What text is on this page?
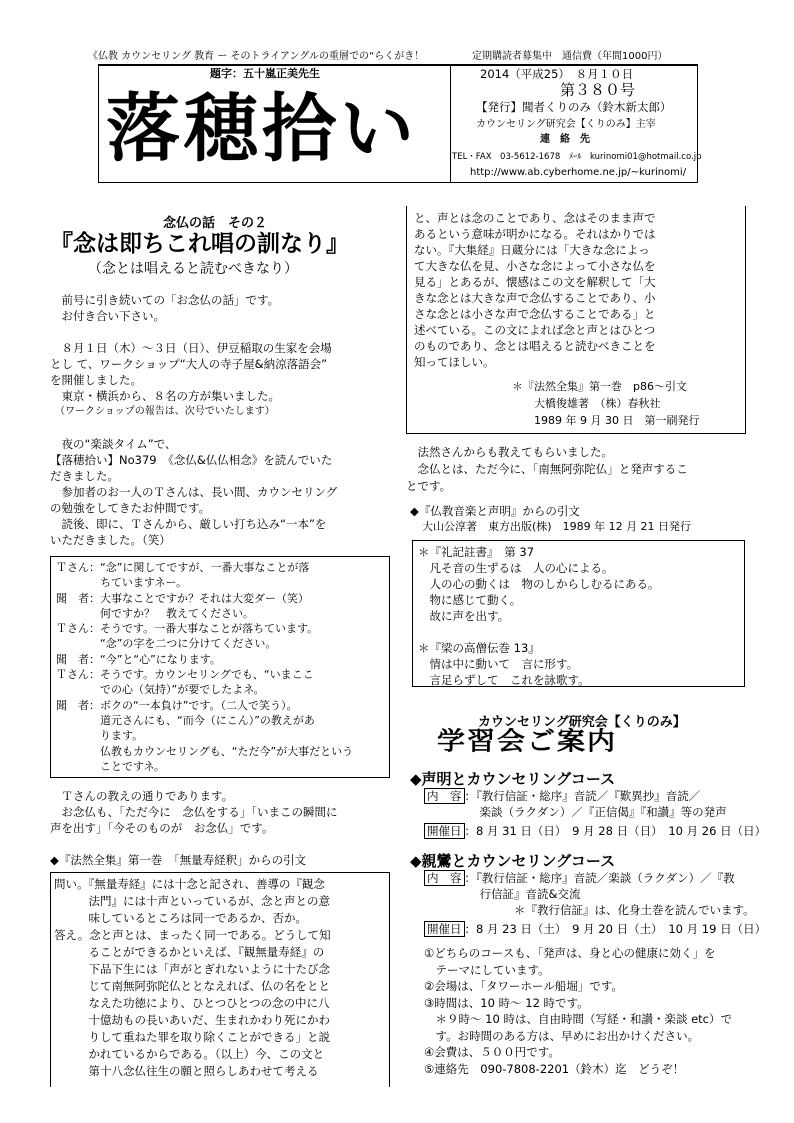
《仏教 カウンセリング 教育 ー そのトライアングルの重層での“らくがき！	定期購読者募集中　通信費（年間1000円）
題字：五十嵐正美先生
落穂拾い
2014（平成25）　８月１０日
第３８０号
【発行】聞者くりのみ（鈴木新太郎）
カウンセリング研究会【くりのみ】主宰
連　絡　先
TEL・FAX　03-5612-1678　ﾒｰﾙ　kurinomi01@hotmail.co.jp
http://www.ab.cyberhome.ne.jp/~kurinomi/
念仏の話　その２
『念は即ちこれ唱の訓なり』
（念とは唱えると読むべきなり）
　前号に引き続いての「お念仏の話」です。
　お付き合い下さい。

　８月１日（木）～３日（日）、伊豆稲取の生家を会場
とし て、ワークショップ“大人の寺子屋&納涼落語会”
を開催しました。
　東京・横浜から、８名の方が集いました。
　（ワークショップの報告は、次号でいたします）

　夜の“楽談タイム”で、
【落穂拾い】No379　《念仏&仏仏相念》を読んでいた
だきました。
　参加者のお一人のＴさんは、長い間、カウンセリング
の勉強をしてきたお仲間です。
　読後、即に、Ｔさんから、厳しい打ち込み“一本”を
いただきました。（笑）
Ｔさん：“念”に関してですが、一番大事なことが落
　　　　ちていますネー。
聞　者：大事なことですか？それは大変ダー（笑）
　　　　何ですか？　教えてください。
Ｔさん：そうです。一番大事なことが落ちています。
　　　　“念”の字を二つに分けてください。
聞　者：“今”と“心”になります。
Ｔさん：そうです。カウンセリングでも、“いまここ
　　　　での心（気持）”が要でしたよネ。
聞　者：ボクの“一本負け”です。（二人で笑う）。
　　　　道元さんにも、“而今（にこん）”の教えがあ
　　　　ります。
　　　　仏教もカウンセリングも、“ただ今”が大事だという
　　　　ことですネ。
　Ｔさんの教えの通りであります。
　お念仏も、「ただ今に　念仏をする」「いまこの瞬間に
声を出す」「今そのものが　お念仏」です。
◆『法然全集』第一巻　「無量寿経釈」からの引文
問い。『無量寿経』には十念と記され、善導の『観念
　　　法門』には十声といっているが、念と声との意
　　　味しているところは同一であるか、否か。
答え。念と声とは、まったく同一である。どうして知
　　　ることができるかといえば、『観無量寿経』の
　　　下品下生には「声がとぎれないように十たび念
　　　じて南無阿弥陀仏ととなえれば、仏の名をとと
　　　なえた功徳により、ひとつひとつの念の中に八
　　　十億劫もの長いあいだ、生まれかわり死にかわ
　　　りして重ねた罪を取り除くことができる」と説
　　　かれているからである。（以上）今、この文と
　　　第十八念仏往生の願と照らしあわせて考える
と、声とは念のことであり、念はそのまま声で
あるという意味が明かになる。それはかりでは
ない。『大集経』日蔵分には「大きな念によっ
て大きな仏を見、小さな念によって小さな仏を
見る」とあるが、懐感はこの文を解釈して「大
きな念とは大きな声で念仏することであり、小
さな念とは小さな声で念仏することである」と
述べている。この文によれば念と声とはひとつ
のものであり、念とは唱えると読むべきことを
知ってほしい。
＊『法然全集』第一巻　p86～引文
大橋俊雄著　（株）春秋社
1989 年 9 月 30 日　第一刷発行
　法然さんからも教えてもらいました。
　念仏とは、ただ今に、「南無阿弥陀仏」と発声するこ
とです。
◆『仏教音楽と声明』からの引文
大山公淳著　東方出版(株)　1989 年 12 月 21 日発行
＊『礼記註書』　第 37
　凡そ音の生ずるは　人の心による。
　人の心の動くは　物のしからしむるにある。
　物に感じて動く。
　故に声を出す。

＊『梁の高僧伝巻 13』
　情は中に動いて　言に形す。
　言足らずして　これを詠歌す。
カウンセリング研究会【くりのみ】
学習会ご案内
◆声明とカウンセリングコース
内　容 ：『教行信証・総序』音読／『歎異抄』音読／
　楽談（ラクダン）／『正信偈』『和讃』等の発声
開催日 ：8 月 31 日（日）　9 月 28 日（日）　10 月 26 日（日）
◆親鸞とカウンセリングコース
内　容 ：『教行信証・総序』音読／楽談（ラクダン）／『教
　行信証』音読&交流
　　　　＊『教行信証』は、化身土巻を読んでいます。
開催日 ：8 月 23 日（土）　9 月 20 日（土）　10 月 19 日（日）
①どちらのコースも、「発声は、身と心の健康に効く」を
　テーマにしています。
②会場は、「タワーホール船堀」です。
③時間は、10 時～ 12 時です。
　＊９時～ 10 時は、自由時間（写経・和讃・楽談 etc）で
　す。お時間のある方は、早めにお出かけください。
④会費は、５００円です。
⑤連絡先　090-7808-2201（鈴木）迄　どうぞ！
